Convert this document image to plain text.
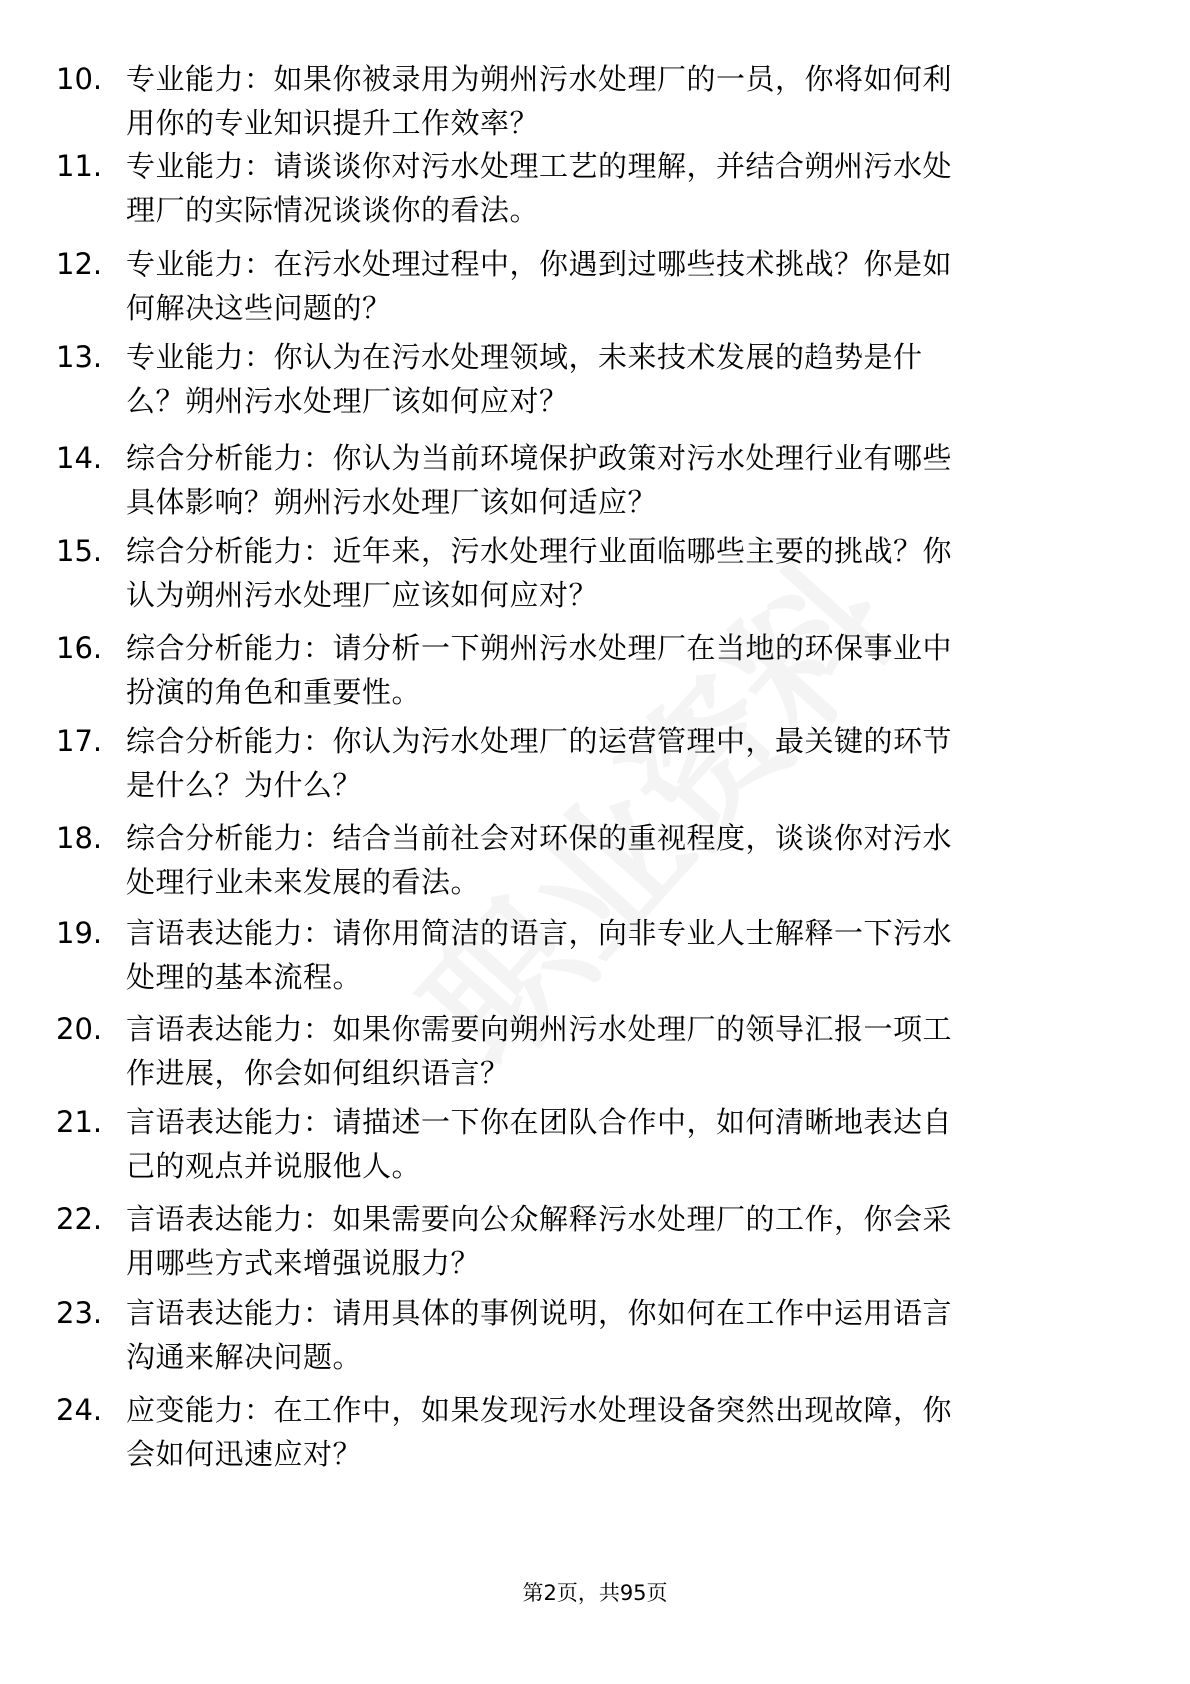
10. 专业能力：如果你被录用为朔州污水处理厂的一员，你将如何利
用你的专业知识提升工作效率？
11. 专业能力：请谈谈你对污水处理工艺的理解，并结合朔州污水处
理厂的实际情况谈谈你的看法。
12. 专业能力：在污水处理过程中，你遇到过哪些技术挑战？你是如
何解决这些问题的？
13. 专业能力：你认为在污水处理领域，未来技术发展的趋势是什
么？朔州污水处理厂该如何应对？
14. 综合分析能力：你认为当前环境保护政策对污水处理行业有哪些
具体影响？朔州污水处理厂该如何适应？
15. 综合分析能力：近年来，污水处理行业面临哪些主要的挑战？你
认为朔州污水处理厂应该如何应对？
16. 综合分析能力：请分析一下朔州污水处理厂在当地的环保事业中
扮演的角色和重要性。
17. 综合分析能力：你认为污水处理厂的运营管理中，最关键的环节
是什么？为什么？
18. 综合分析能力：结合当前社会对环保的重视程度，谈谈你对污水
处理行业未来发展的看法。
19. 言语表达能力：请你用简洁的语言，向非专业人士解释一下污水
处理的基本流程。
20. 言语表达能力：如果你需要向朔州污水处理厂的领导汇报一项工
作进展，你会如何组织语言？
21. 言语表达能力：请描述一下你在团队合作中，如何清晰地表达自
己的观点并说服他人。
22. 言语表达能力：如果需要向公众解释污水处理厂的工作，你会采
用哪些方式来增强说服力？
23. 言语表达能力：请用具体的事例说明，你如何在工作中运用语言
沟通来解决问题。
24. 应变能力：在工作中，如果发现污水处理设备突然出现故障，你
会如何迅速应对？
第2页，共95页
